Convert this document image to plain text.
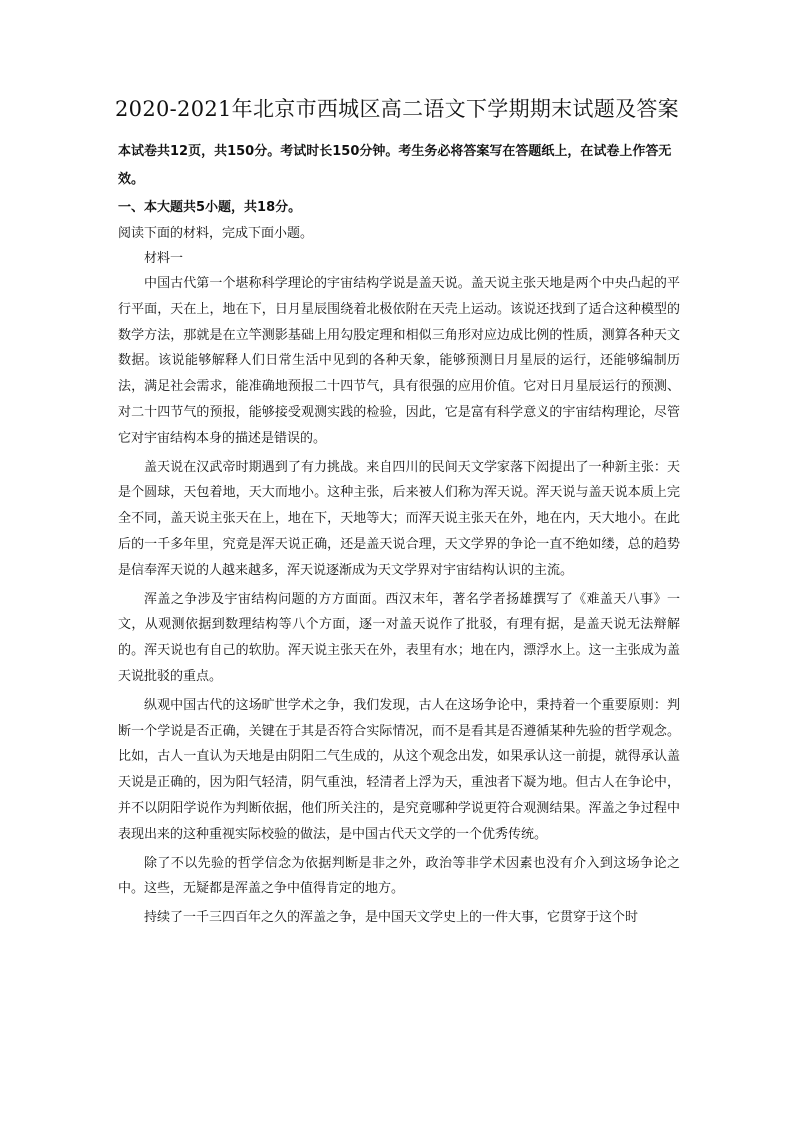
2020-2021年北京市西城区高二语文下学期期末试题及答案
本试卷共12页，共150分。考试时长150分钟。考生务必将答案写在答题纸上，在试卷上作答无效。
一、本大题共5小题，共18分。
阅读下面的材料，完成下面小题。
材料一

中国古代第一个堪称科学理论的宇宙结构学说是盖天说。盖天说主张天地是两个中央凸起的平行平面，天在上，地在下，日月星辰围绕着北极依附在天壳上运动。该说还找到了适合这种模型的数学方法，那就是在立竿测影基础上用勾股定理和相似三角形对应边成比例的性质，测算各种天文数据。该说能够解释人们日常生活中见到的各种天象，能够预测日月星辰的运行，还能够编制历法，满足社会需求，能准确地预报二十四节气，具有很强的应用价值。它对日月星辰运行的预测、对二十四节气的预报，能够接受观测实践的检验，因此，它是富有科学意义的宇宙结构理论，尽管它对宇宙结构本身的描述是错误的。

盖天说在汉武帝时期遇到了有力挑战。来自四川的民间天文学家落下闳提出了一种新主张：天是个圆球，天包着地，天大而地小。这种主张，后来被人们称为浑天说。浑天说与盖天说本质上完全不同，盖天说主张天在上，地在下，天地等大；而浑天说主张天在外，地在内，天大地小。在此后的一千多年里，究竟是浑天说正确，还是盖天说合理，天文学界的争论一直不绝如缕，总的趋势是信奉浑天说的人越来越多，浑天说逐渐成为天文学界对宇宙结构认识的主流。

浑盖之争涉及宇宙结构问题的方方面面。西汉末年，著名学者扬雄撰写了《难盖天八事》一文，从观测依据到数理结构等八个方面，逐一对盖天说作了批驳，有理有据，是盖天说无法辩解的。浑天说也有自己的软肋。浑天说主张天在外，表里有水；地在内，漂浮水上。这一主张成为盖天说批驳的重点。

纵观中国古代的这场旷世学术之争，我们发现，古人在这场争论中，秉持着一个重要原则：判断一个学说是否正确，关键在于其是否符合实际情况，而不是看其是否遵循某种先验的哲学观念。比如，古人一直认为天地是由阴阳二气生成的，从这个观念出发，如果承认这一前提，就得承认盖天说是正确的，因为阳气轻清，阴气重浊，轻清者上浮为天，重浊者下凝为地。但古人在争论中，并不以阴阳学说作为判断依据，他们所关注的，是究竟哪种学说更符合观测结果。浑盖之争过程中表现出来的这种重视实际校验的做法，是中国古代天文学的一个优秀传统。

除了不以先验的哲学信念为依据判断是非之外，政治等非学术因素也没有介入到这场争论之中。这些，无疑都是浑盖之争中值得肯定的地方。

持续了一千三四百年之久的浑盖之争，是中国天文学史上的一件大事，它贯穿于这个时
